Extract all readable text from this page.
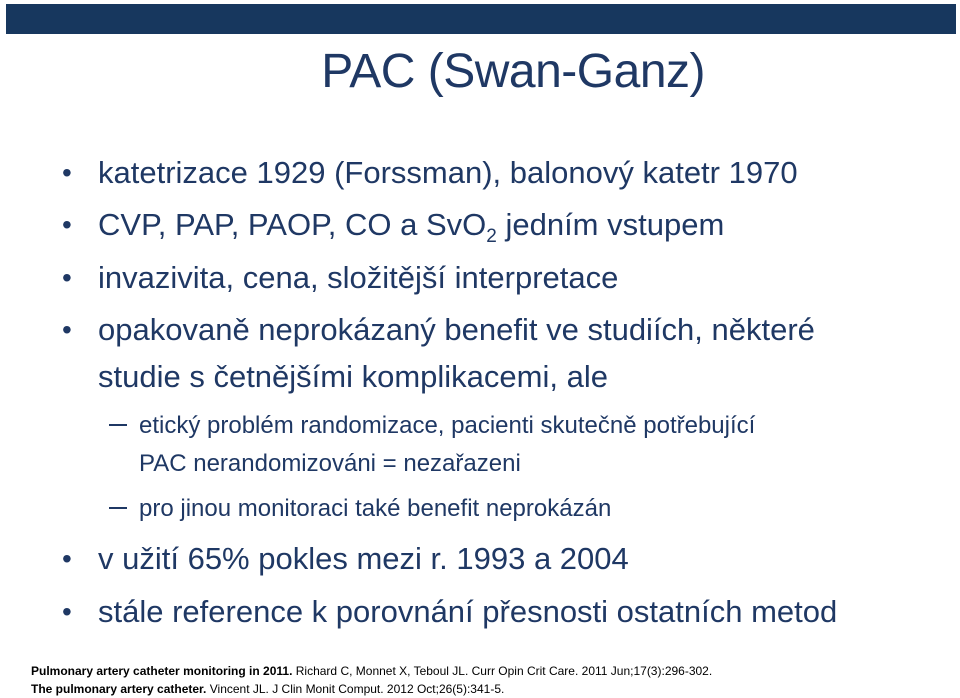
PAC (Swan-Ganz)
• katetrizace 1929 (Forssman), balonový katetr 1970
• CVP, PAP, PAOP, CO a SvO$_2$ jedním vstupem
• invazivita, cena, složitější interpretace
• opakovaně neprokázaný benefit ve studiích, některé
studie s četnějšími komplikacemi, ale
etický problém randomizace, pacienti skutečně potřebující
PAC nerandomizováni = nezařazeni
pro jinou monitoraci také benefit neprokázán
• v užití 65% pokles mezi r. 1993 a 2004
• stále reference k porovnání přesnosti ostatních metod
Pulmonary artery catheter monitoring in 2011. Richard C, Monnet X, Teboul JL. Curr Opin Crit Care. 2011 Jun;17(3):296-302.
The pulmonary artery catheter. Vincent JL. J Clin Monit Comput. 2012 Oct;26(5):341-5.
